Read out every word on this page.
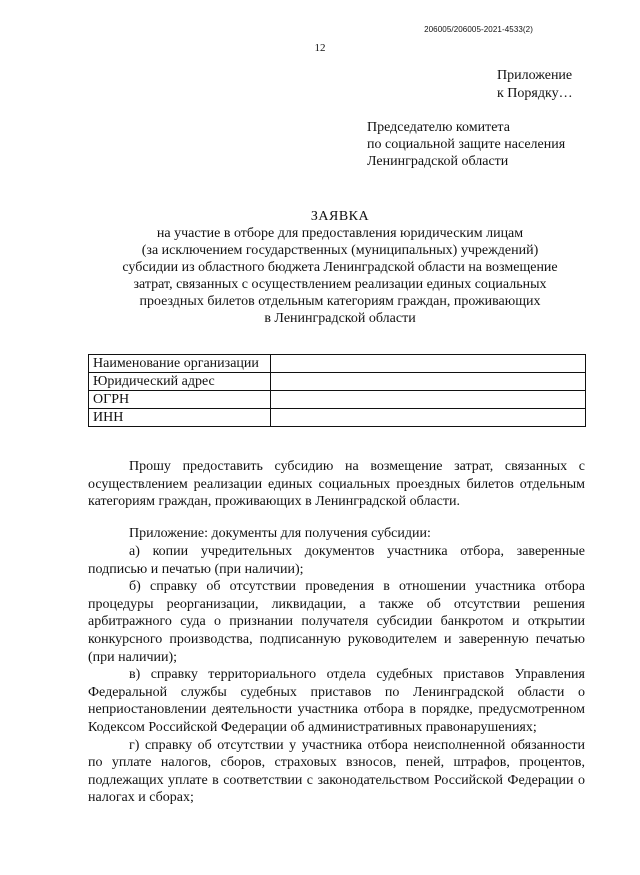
206005/206005-2021-4533(2)
12
Приложение
к Порядку…
Председателю комитета
по социальной защите населения
Ленинградской области
ЗАЯВКА
на участие в отборе для предоставления юридическим лицам
(за исключением государственных (муниципальных) учреждений)
субсидии из областного бюджета Ленинградской области на возмещение
затрат, связанных с осуществлением реализации единых социальных
проездных билетов отдельным категориям граждан, проживающих
в Ленинградской области
Наименование организации	
Юридический адрес	
ОГРН	
ИНН	

Прошу предоставить субсидию на возмещение затрат, связанных с осуществлением реализации единых социальных проездных билетов отдельным категориям граждан, проживающих в Ленинградской области.

Приложение: документы для получения субсидии:

а) копии учредительных документов участника отбора, заверенные подписью и печатью (при наличии);

б) справку об отсутствии проведения в отношении участника отбора процедуры реорганизации, ликвидации, а также об отсутствии решения арбитражного суда о признании получателя субсидии банкротом и открытии конкурсного производства, подписанную руководителем и заверенную печатью (при наличии);

в) справку территориального отдела судебных приставов Управления Федеральной службы судебных приставов по Ленинградской области о неприостановлении деятельности участника отбора в порядке, предусмотренном Кодексом Российской Федерации об административных правонарушениях;

г) справку об отсутствии у участника отбора неисполненной обязанности по уплате налогов, сборов, страховых взносов, пеней, штрафов, процентов, подлежащих уплате в соответствии с законодательством Российской Федерации о налогах и сборах;
